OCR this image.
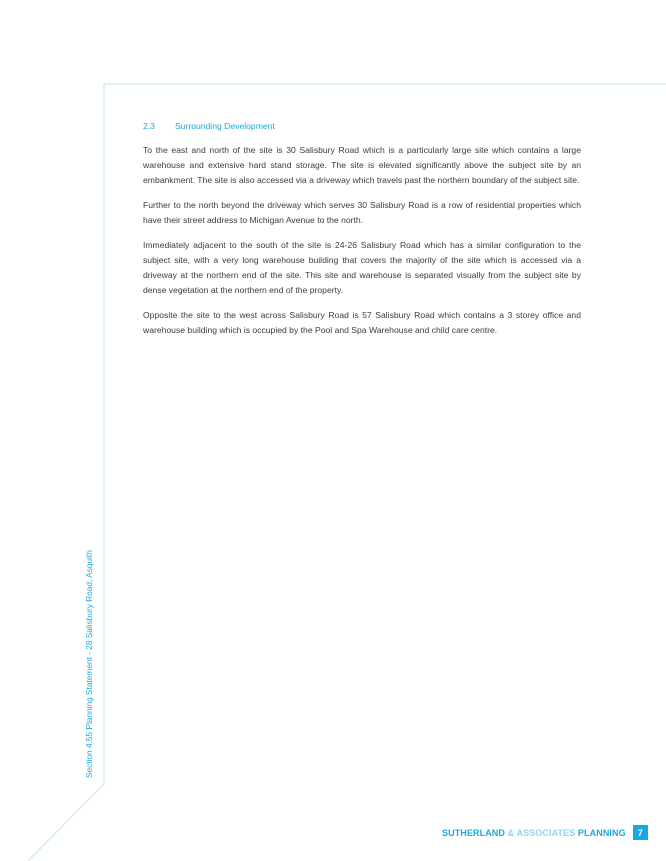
2.3 Surrounding Development

To the east and north of the site is 30 Salisbury Road which is a particularly large site which contains a large warehouse and extensive hard stand storage. The site is elevated significantly above the subject site by an embankment. The site is also accessed via a driveway which travels past the northern boundary of the subject site.

Further to the north beyond the driveway which serves 30 Salisbury Road is a row of residential properties which have their street address to Michigan Avenue to the north.

Immediately adjacent to the south of the site is 24-26 Salisbury Road which has a similar configuration to the subject site, with a very long warehouse building that covers the majority of the site which is accessed via a driveway at the northern end of the site. This site and warehouse is separated visually from the subject site by dense vegetation at the northern end of the property.

Opposite the site to the west across Salisbury Road is 57 Salisbury Road which contains a 3 storey office and warehouse building which is occupied by the Pool and Spa Warehouse and child care centre.

Section 4.55 Planning Statement - 28 Salisbury Road, Asquith
SUTHERLAND & ASSOCIATES PLANNING	7
